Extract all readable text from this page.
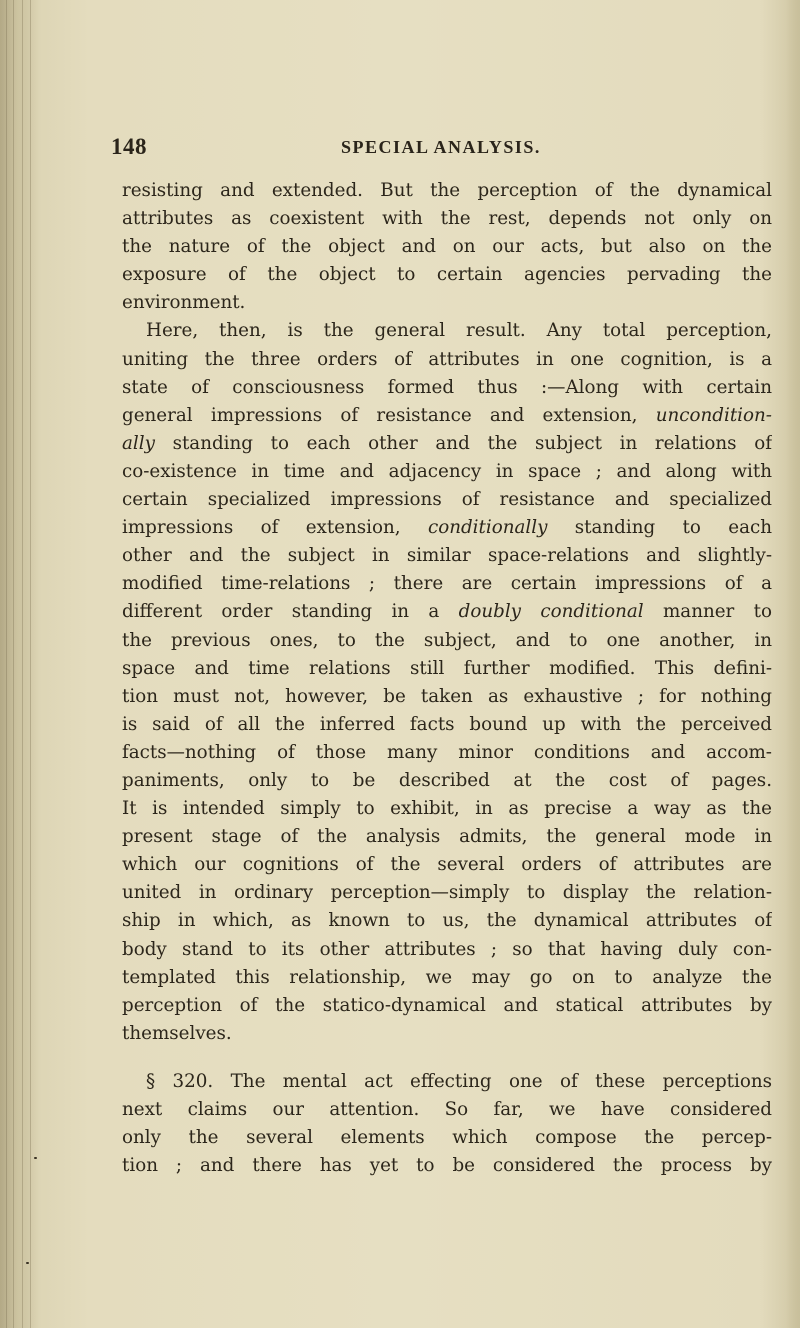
148	SPECIAL ANALYSIS.
resisting and extended. But the perception of the dynamical
attributes as coexistent with the rest, depends not only on
the nature of the object and on our acts, but also on the
exposure of the object to certain agencies pervading the
environment.
Here, then, is the general result. Any total perception,
uniting the three orders of attributes in one cognition, is a
state of consciousness formed thus :—Along with certain
general impressions of resistance and extension, uncondition-
ally standing to each other and the subject in relations of
co-existence in time and adjacency in space ; and along with
certain specialized impressions of resistance and specialized
impressions of extension, conditionally standing to each
other and the subject in similar space-relations and slightly-
modified time-relations ; there are certain impressions of a
different order standing in a doubly conditional manner to
the previous ones, to the subject, and to one another, in
space and time relations still further modified. This defini-
tion must not, however, be taken as exhaustive ; for nothing
is said of all the inferred facts bound up with the perceived
facts—nothing of those many minor conditions and accom-
paniments, only to be described at the cost of pages.
It is intended simply to exhibit, in as precise a way as the
present stage of the analysis admits, the general mode in
which our cognitions of the several orders of attributes are
united in ordinary perception—simply to display the relation-
ship in which, as known to us, the dynamical attributes of
body stand to its other attributes ; so that having duly con-
templated this relationship, we may go on to analyze the
perception of the statico-dynamical and statical attributes by
themselves.
§ 320. The mental act effecting one of these perceptions
next claims our attention. So far, we have considered
only the several elements which compose the percep-
tion ; and there has yet to be considered the process by
